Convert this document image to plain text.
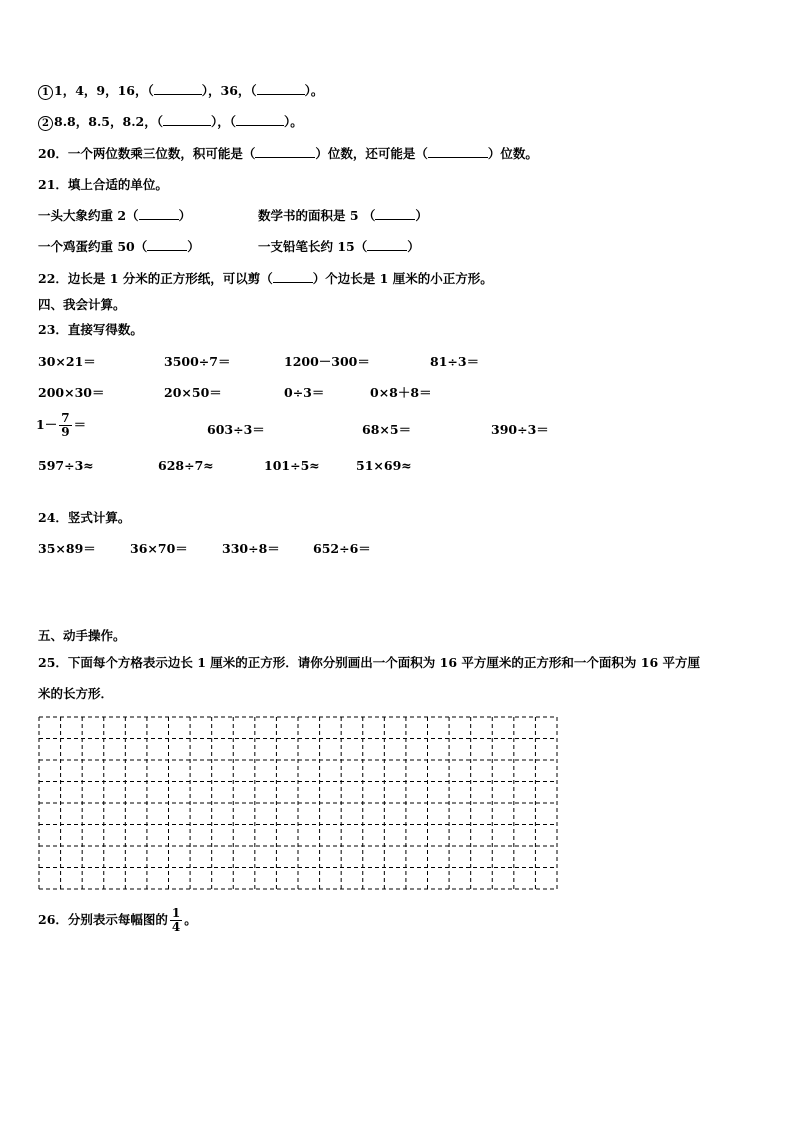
1 1，4，9，16，（	），36，（	）。
2 8.8，8.5，8.2，（	），（	）。
20．一个两位数乘三位数，积可能是（	）位数，还可能是（	）位数。
21．填上合适的单位。
一头大象约重 2（	）	数学书的面积是 5 （	）
一个鸡蛋约重 50（	）	一支铅笔长约 15（	）
22．边长是 1 分米的正方形纸，可以剪（	）个边长是 1 厘米的小正方形。
四、我会计算。
23．直接写得数。
30×21＝	3500÷7＝	1200－300＝	81÷3＝
200×30＝	20×50＝	0÷3＝	0×8＋8＝
$1- \frac{7}{9}$ ＝	603÷3＝	68×5＝	390÷3＝
597÷3≈	628÷7≈	101÷5≈	51×69≈
24．竖式计算。
35×89＝	36×70＝	330÷8＝	652÷6＝
五、动手操作。
25．下面每个方格表示边长 1 厘米的正方形．请你分别画出一个面积为 16 平方厘米的正方形和一个面积为 16 平方厘
米的长方形．
26．分别表示每幅图的 $\frac{1}{4}$ 。
